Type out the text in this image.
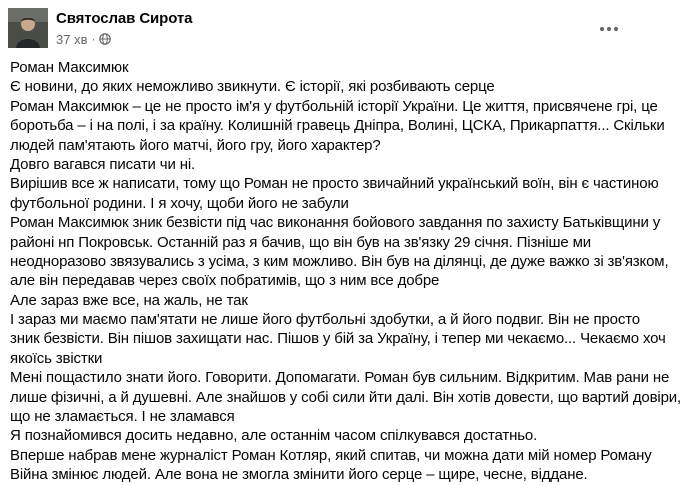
Святослав Сирота
37 хв ·
Роман Максимюк
Є новини, до яких неможливо звикнути. Є історії, які розбивають серце
Роман Максимюк – це не просто ім'я у футбольній історії України. Це життя, присвячене грі, це
боротьба – і на полі, і за країну. Колишній гравець Дніпра, Волині, ЦСКА, Прикарпаття... Скільки
людей пам'ятають його матчі, його гру, його характер?
Довго вагався писати чи ні.
Вирішив все ж написати, тому що Роман не просто звичайний український воїн, він є частиною
футбольної родини. І я хочу, щоби його не забули
Роман Максимюк зник безвісти під час виконання бойового завдання по захисту Батьківщини у
районі нп Покровськ. Останній раз я бачив, що він був на зв'язку 29 січня. Пізніше ми
неодноразово звязувались з усіма, з ким можливо. Він був на ділянці, де дуже важко зі зв'язком,
але він передавав через своїх побратимів, що з ним все добре
Але зараз вже все, на жаль, не так
І зараз ми маємо пам'ятати не лише його футбольні здобутки, а й його подвиг. Він не просто
зник безвісти. Він пішов захищати нас. Пішов у бій за Україну, і тепер ми чекаємо... Чекаємо хоч
якоїсь звістки
Мені пощастило знати його. Говорити. Допомагати. Роман був сильним. Відкритим. Мав рани не
лише фізичні, а й душевні. Але знайшов у собі сили йти далі. Він хотів довести, що вартий довіри,
що не зламається. І не зламався
Я познайомився досить недавно, але останнім часом спілкувався достатньо.
Вперше набрав мене журналіст Роман Котляр, який спитав, чи можна дати мій номер Роману
Війна змінює людей. Але вона не змогла змінити його серце – щире, чесне, віддане.
